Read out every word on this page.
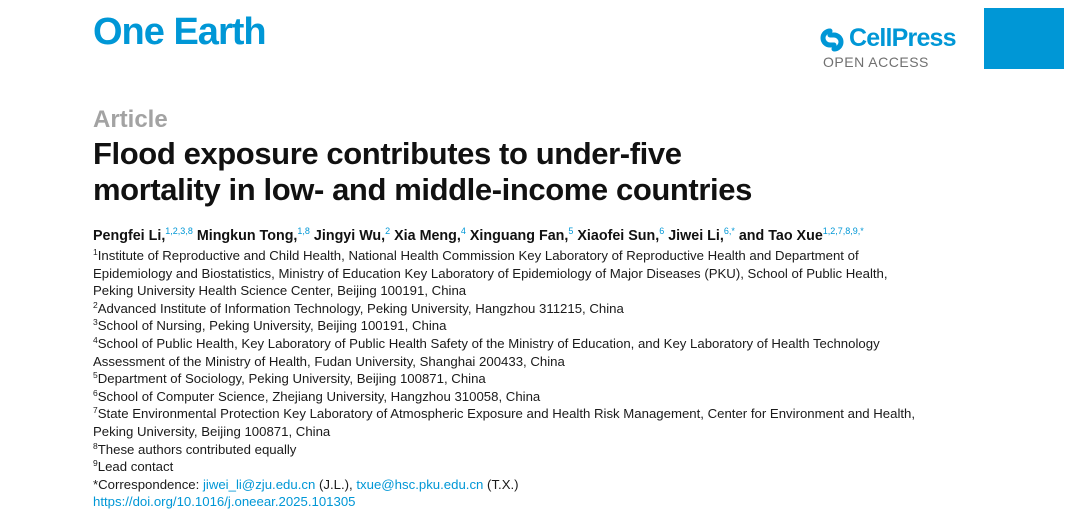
One Earth	CellPress
OPEN ACCESS
Article
Flood exposure contributes to under-five
mortality in low- and middle-income countries
Pengfei Li,$^{1,2,3,8}$ Mingkun Tong,$^{1,8}$ Jingyi Wu,$^2$ Xia Meng,$^4$ Xinguang Fan,$^5$ Xiaofei Sun,$^6$ Jiwei Li,$^{6,*}$ and Tao Xue$^{1,2,7,8,9,*}$
$^1$Institute of Reproductive and Child Health, National Health Commission Key Laboratory of Reproductive Health and Department of
Epidemiology and Biostatistics, Ministry of Education Key Laboratory of Epidemiology of Major Diseases (PKU), School of Public Health,
Peking University Health Science Center, Beijing 100191, China
$^2$Advanced Institute of Information Technology, Peking University, Hangzhou 311215, China
$^3$School of Nursing, Peking University, Beijing 100191, China
$^4$School of Public Health, Key Laboratory of Public Health Safety of the Ministry of Education, and Key Laboratory of Health Technology
Assessment of the Ministry of Health, Fudan University, Shanghai 200433, China
$^5$Department of Sociology, Peking University, Beijing 100871, China
$^6$School of Computer Science, Zhejiang University, Hangzhou 310058, China
$^7$State Environmental Protection Key Laboratory of Atmospheric Exposure and Health Risk Management, Center for Environment and Health,
Peking University, Beijing 100871, China
$^8$These authors contributed equally
$^9$Lead contact
*Correspondence: jiwei_li@zju.edu.cn (J.L.), txue@hsc.pku.edu.cn (T.X.)
https://doi.org/10.1016/j.oneear.2025.101305
